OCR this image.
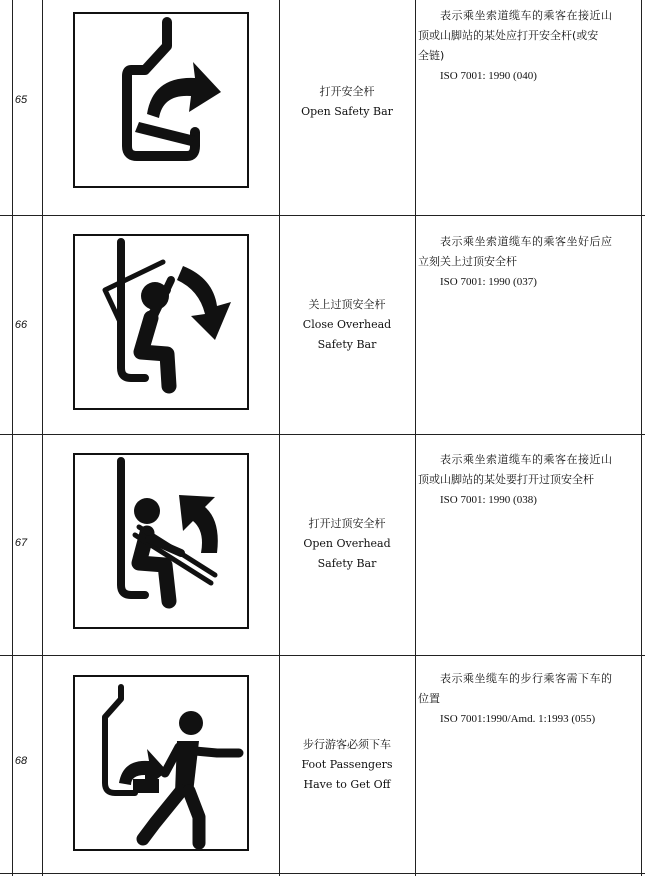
65
打开安全杆
Open Safety Bar
表示乘坐索道缆车的乘客在接近山
顶或山脚站的某处应打开安全杆(或安
全链)
ISO 7001: 1990 (040)
66
关上过顶安全杆
Close Overhead
Safety Bar
表示乘坐索道缆车的乘客坐好后应
立刻关上过顶安全杆
ISO 7001: 1990 (037)
67
打开过顶安全杆
Open Overhead
Safety Bar
表示乘坐索道缆车的乘客在接近山
顶或山脚站的某处要打开过顶安全杆
ISO 7001: 1990 (038)
68
步行游客必须下车
Foot Passengers
Have to Get Off
表示乘坐缆车的步行乘客需下车的
位置
ISO 7001:1990/Amd. 1:1993 (055)
